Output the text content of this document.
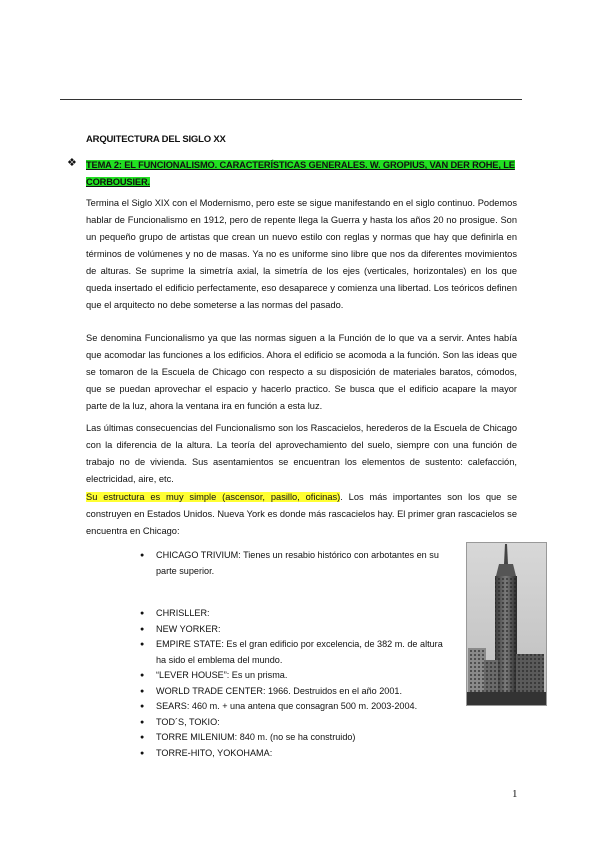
ARQUITECTURA DEL SIGLO XX
❖ TEMA 2: EL FUNCIONALISMO. CARACTERÍSTICAS GENERALES. W. GROPIUS, VAN DER ROHE, LE CORBOUSIER.

Termina el Siglo XIX con el Modernismo, pero este se sigue manifestando en el siglo continuo. Podemos hablar de Funcionalismo en 1912, pero de repente llega la Guerra y hasta los años 20 no prosigue. Son un pequeño grupo de artistas que crean un nuevo estilo con reglas y normas que hay que definirla en términos de volúmenes y no de masas. Ya no es uniforme sino libre que nos da diferentes movimientos de alturas. Se suprime la simetría axial, la simetría de los ejes (verticales, horizontales) en los que queda insertado el edificio perfectamente, eso desaparece y comienza una libertad. Los teóricos definen que el arquitecto no debe someterse a las normas del pasado.

Se denomina Funcionalismo ya que las normas siguen a la Función de lo que va a servir. Antes había que acomodar las funciones a los edificios. Ahora el edificio se acomoda a la función. Son las ideas que se tomaron de la Escuela de Chicago con respecto a su disposición de materiales baratos, cómodos, que se puedan aprovechar el espacio y hacerlo practico. Se busca que el edificio acapare la mayor parte de la luz, ahora la ventana ira en función a esta luz.

Las últimas consecuencias del Funcionalismo son los Rascacielos, herederos de la Escuela de Chicago con la diferencia de la altura. La teoría del aprovechamiento del suelo, siempre con una función de trabajo no de vivienda. Sus asentamientos se encuentran los elementos de sustento: calefacción, electricidad, aire, etc.

Su estructura es muy simple (ascensor, pasillo, oficinas). Los más importantes son los que se construyen en Estados Unidos. Nueva York es donde más rascacielos hay. El primer gran rascacielos se encuentra en Chicago:

● CHICAGO TRIVIUM: Tienes un resabio histórico con arbotantes en su parte superior.
● CHRISLLER:
● NEW YORKER:
● EMPIRE STATE: Es el gran edificio por excelencia, de 382 m. de altura ha sido el emblema del mundo.
● “LEVER HOUSE”: Es un prisma.
● WORLD TRADE CENTER: 1966. Destruidos en el año 2001.
● SEARS: 460 m. + una antena que consagran 500 m. 2003-2004.
● TOD´S, TOKIO:
● TORRE MILENIUM: 840 m. (no se ha construido)
● TORRE-HITO, YOKOHAMA:
1
